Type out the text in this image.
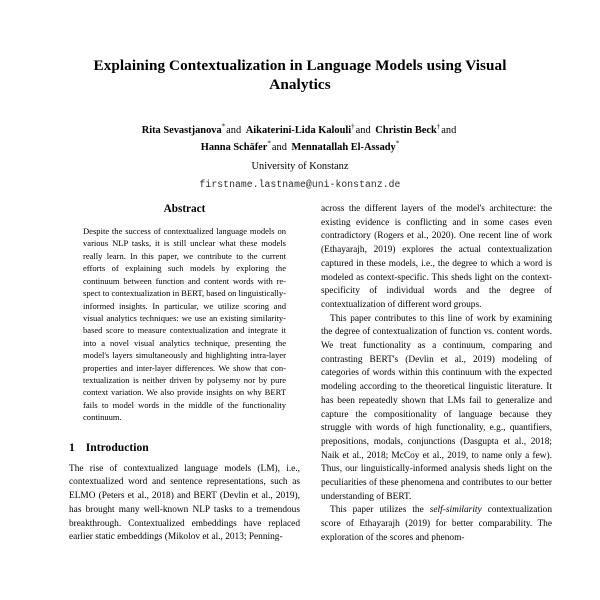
Explaining Contextualization in Language Models using Visual Analytics
Rita Sevastjanova*and Aikaterini-Lida Kalouli†and Christin Beck†and
Hanna Schäfer*and Mennatallah El-Assady*
University of Konstanz
firstname.lastname@uni-konstanz.de
Abstract

Despite the success of contextualized language models on various NLP tasks, it is still unclear what these models really learn. In this paper, we contribute to the current efforts of explaining such models by exploring the continuum between function and content words with respect to contextualization in BERT, based on linguistically-informed insights. In particular, we utilize scoring and visual analytics techniques: we use an existing similarity-based score to measure contextualization and integrate it into a novel visual analytics technique, presenting the model's layers simultaneously and highlighting intra-layer properties and inter-layer differences. We show that contextualization is neither driven by polysemy nor by pure context variation. We also provide insights on why BERT fails to model words in the middle of the functionality continuum.

1 Introduction

The rise of contextualized language models (LM), i.e., contextualized word and sentence representations, such as ELMO (Peters et al., 2018) and BERT (Devlin et al., 2019), has brought many well-known NLP tasks to a tremendous breakthrough. Contextualized embeddings have replaced earlier static embeddings (Mikolov et al., 2013; Penning-

across the different layers of the model's architecture: the existing evidence is conflicting and in some cases even contradictory (Rogers et al., 2020). One recent line of work (Ethayarajh, 2019) explores the actual contextualization captured in these models, i.e., the degree to which a word is modeled as context-specific. This sheds light on the context-specificity of individual words and the degree of contextualization of different word groups.

This paper contributes to this line of work by examining the degree of contextualization of function vs. content words. We treat functionality as a continuum, comparing and contrasting BERT's (Devlin et al., 2019) modeling of categories of words within this continuum with the expected modeling according to the theoretical linguistic literature. It has been repeatedly shown that LMs fail to generalize and capture the compositionality of language because they struggle with words of high functionality, e.g., quantifiers, prepositions, modals, conjunctions (Dasgupta et al., 2018; Naik et al., 2018; McCoy et al., 2019, to name only a few). Thus, our linguistically-informed analysis sheds light on the peculiarities of these phenomena and contributes to our better understanding of BERT.

This paper utilizes the self-similarity contextualization score of Ethayarajh (2019) for better comparability. The exploration of the scores and phenom-
